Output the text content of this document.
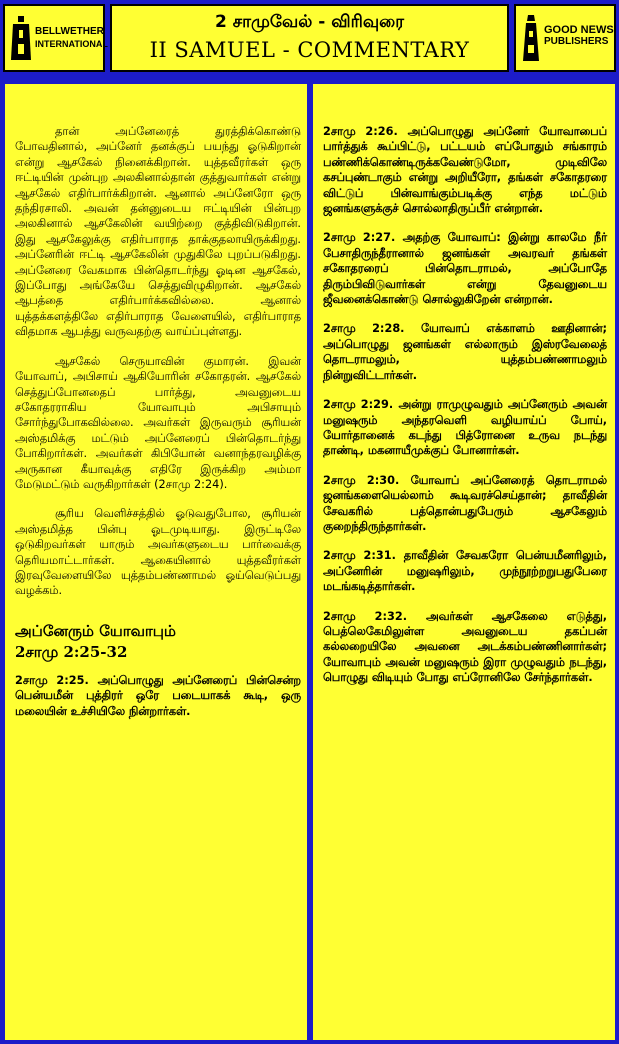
BELLWETHER
INTERNATIONAL
2 சாமுவேல் - விரிவுரை
II SAMUEL - COMMENTARY
GOOD NEWS
PUBLISHERS

தான் அப்னேரைத் துரத்திக்கொண்டு போவதினால், அப்னேர் தனக்குப் பயந்து ஓடுகிறான் என்று ஆசகேல் நினைக்கிறான். யுத்தவீரர்கள் ஒரு ஈட்டியின் முன்புற அலகினால்தான் குத்துவார்கள் என்று ஆசகேல் எதிர்பார்க்கிறான். ஆனால் அப்னேரோ ஒரு தந்திரசாலி. அவன் தன்னுடைய ஈட்டியின் பின்புற அலகினால் ஆசகேலின் வயிற்றை குத்திவிடுகிறான். இது ஆசகேலுக்கு எதிர்பாராத தாக்குதலாயிருக்கிறது. அப்னேரின் ஈட்டி ஆசகேலின் முதுகிலே புறப்படுகிறது. அப்னேரை வேகமாக பின்தொடர்ந்து ஓடின ஆசகேல், இப்போது அங்கேயே செத்துவிழுகிறான். ஆசகேல் ஆபத்தை எதிர்பார்க்கவில்லை. ஆனால் யுத்தக்களத்திலே எதிர்பாராத வேளையில், எதிர்பாராத விதமாக ஆபத்து வருவதற்கு வாய்ப்புள்ளது.

ஆசகேல் செருயாவின் குமாரன். இவன் யோவாப், அபிசாய் ஆகியோரின் சகோதரன். ஆசகேல் செத்துப்போனதைப் பார்த்து, அவனுடைய சகோதரராகிய யோவாபும் அபிசாயும் சோர்ந்துபோகவில்லை. அவர்கள் இருவரும் சூரியன் அஸ்தமிக்கு மட்டும் அப்னேரைப் பின்தொடர்ந்து போகிறார்கள். அவர்கள் கிபியோன் வனாந்தரவழிக்கு அருகான கீயாவுக்கு எதிரே இருக்கிற அம்மா மேடுமட்டும் வருகிறார்கள் (2சாமு 2:24).

சூரிய வெளிச்சத்தில் ஓடுவதுபோல, சூரியன் அஸ்தமித்த பின்பு ஓடமுடியாது. இருட்டிலே ஒடுகிறவர்கள் யாரும் அவர்களுடைய பார்வைக்கு தெரியமாட்டார்கள். ஆகையினால் யுத்தவீரர்கள் இரவுவேளையிலே யுத்தம்பண்ணாமல் ஓய்வெடுப்பது வழக்கம்.

அப்னேரும் யோவாபும்
2சாமு 2:25-32

2சாமு 2:25. அப்பொழுது அப்னேரைப் பின்சென்ற பென்யமீன் புத்திரர் ஒரே படையாகக் கூடி, ஒரு மலையின் உச்சியிலே நின்றார்கள்.

2சாமு 2:26. அப்பொழுது அப்னேர் யோவாபைப் பார்த்துக் கூப்பிட்டு, பட்டயம் எப்போதும் சங்காரம் பண்ணிக்கொண்டிருக்கவேண்டுமோ, முடிவிலே கசப்புண்டாகும் என்று அறியீரோ, தங்கள் சகோதரரை விட்டுப் பின்வாங்கும்படிக்கு எந்த மட்டும் ஜனங்களுக்குச் சொல்லாதிருப்பீர் என்றான்.

2சாமு 2:27. அதற்கு யோவாப்: இன்று காலமே நீர் பேசாதிருந்தீரானால் ஜனங்கள் அவரவர் தங்கள் சகோதரரைப் பின்தொடராமல், அப்போதே திரும்பிவிடுவார்கள் என்று தேவனுடைய ஜீவனைக்கொண்டு சொல்லுகிறேன் என்றான்.

2சாமு 2:28. யோவாப் எக்காளம் ஊதினான்; அப்பொழுது ஜனங்கள் எல்லாரும் இஸ்ரவேலைத் தொடராமலும், யுத்தம்பண்ணாமலும் நின்றுவிட்டார்கள்.

2சாமு 2:29. அன்று ராமுழுவதும் அப்னேரும் அவன் மனுஷரும் அந்தரவெளி வழியாய்ப் போய், யோர்தானைக் கடந்து பித்ரோனை உருவ நடந்து தாண்டி, மகனாயீமுக்குப் போனார்கள்.

2சாமு 2:30. யோவாப் அப்னேரைத் தொடராமல் ஜனங்களையெல்லாம் கூடிவரச்செய்தான்; தாவீதின் சேவகரில் பத்தொன்பதுபேரும் ஆசகேலும் குறைந்திருந்தார்கள்.

2சாமு 2:31. தாவீதின் சேவகரோ பென்யமீனரிலும், அப்னேரின் மனுஷரிலும், முந்நூற்றறுபதுபேரை மடங்கடித்தார்கள்.

2சாமு 2:32. அவர்கள் ஆசகேலை எடுத்து, பெத்லெகேமிலுள்ள அவனுடைய தகப்பன் கல்லறையிலே அவனை அடக்கம்பண்ணினார்கள்; யோவாபும் அவன் மனுஷரும் இரா முழுவதும் நடந்து, பொழுது விடியும் போது எப்ரோனிலே சேர்ந்தார்கள்.
